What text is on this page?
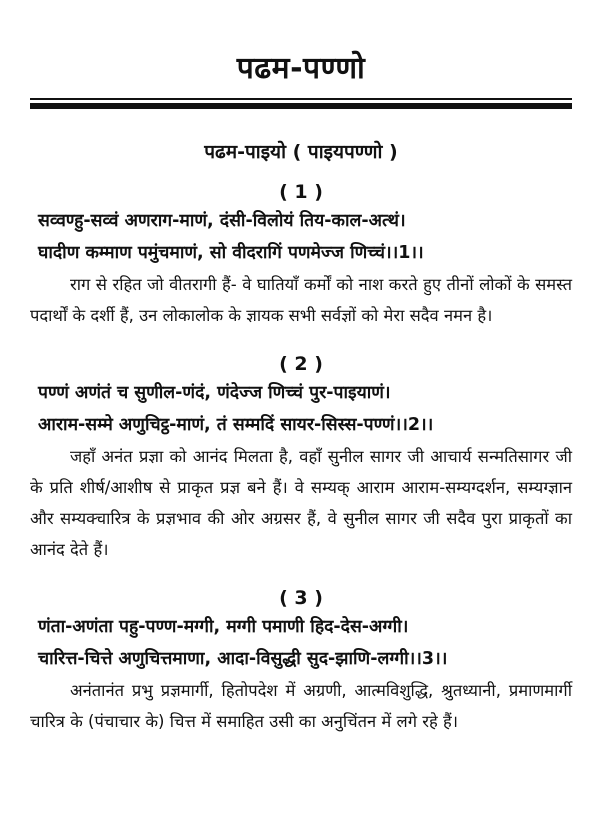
पढम-पण्णो
पढम-पाइयो ( पाइयपण्णो )
( 1 )
सव्वण्हु-सव्वं अणराग-माणं, दंसी-विलोयं तिय-काल-अत्थं।
घादीण कम्माण पमुंचमाणं, सो वीदरागिं पणमेज्ज णिच्चं।।1।।
राग से रहित जो वीतरागी हैं- वे घातियाँ कर्मों को नाश करते हुए तीनों लोकों के समस्त पदार्थों के दर्शी हैं, उन लोकालोक के ज्ञायक सभी सर्वज्ञों को मेरा सदैव नमन है।
( 2 )
पण्णं अणंतं च सुणील-णंदं, णंदेज्ज णिच्चं पुर-पाइयाणं।
आराम-सम्मे अणुचिट्ठ-माणं, तं सम्मदिं सायर-सिस्स-पण्णं।।2।।
जहाँ अनंत प्रज्ञा को आनंद मिलता है, वहाँ सुनील सागर जी आचार्य सन्मतिसागर जी के प्रति शीर्ष/आशीष से प्राकृत प्रज्ञ बने हैं। वे सम्यक् आराम आराम-सम्यग्दर्शन, सम्यग्ज्ञान और सम्यक्चारित्र के प्रज्ञभाव की ओर अग्रसर हैं, वे सुनील सागर जी सदैव पुरा प्राकृतों का आनंद देते हैं।
( 3 )
णंता-अणंता पहु-पण्ण-मग्गी, मग्गी पमाणी हिद-देस-अग्गी।
चारित्त-चित्ते अणुचित्तमाणा, आदा-विसुद्धी सुद-झाणि-लग्गी।।3।।
अनंतानंत प्रभु प्रज्ञमार्गी, हितोपदेश में अग्रणी, आत्मविशुद्धि, श्रुतध्यानी, प्रमाणमार्गी चारित्र के (पंचाचार के) चित्त में समाहित उसी का अनुचिंतन में लगे रहे हैं।
